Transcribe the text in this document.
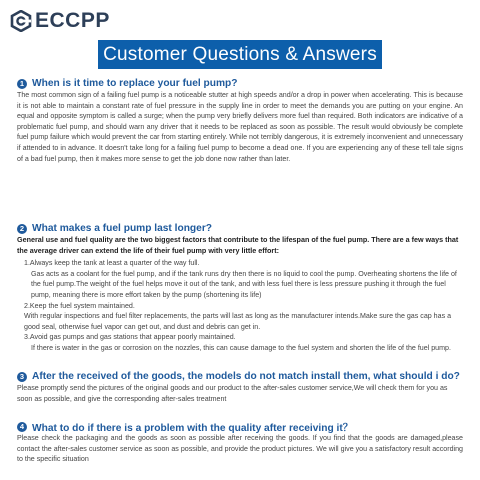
ECCPP
Customer Questions & Answers
1 When is it time to replace your fuel pump?

The most common sign of a failing fuel pump is a noticeable stutter at high speeds and/or a drop in power when accelerating. This is because it is not able to maintain a constant rate of fuel pressure in the supply line in order to meet the demands you are putting on your engine. An equal and opposite symptom is called a surge; when the pump very briefly delivers more fuel than required. Both indicators are indicative of a problematic fuel pump, and should warn any driver that it needs to be replaced as soon as possible. The result would obviously be complete fuel pump failure which would prevent the car from starting entirely. While not terribly dangerous, it is extremely inconvenient and unnecessary if attended to in advance. It doesn't take long for a failing fuel pump to become a dead one. If you are experiencing any of these tell tale signs of a bad fuel pump, then it makes more sense to get the job done now rather than later.

2 What makes a fuel pump last longer?

General use and fuel quality are the two biggest factors that contribute to the lifespan of the fuel pump. There are a few ways that the average driver can extend the life of their fuel pump with very little effort:

1.Always keep the tank at least a quarter of the way full.

Gas acts as a coolant for the fuel pump, and if the tank runs dry then there is no liquid to cool the pump. Overheating shortens the life of the fuel pump.The weight of the fuel helps move it out of the tank, and with less fuel there is less pressure pushing it through the fuel pump, meaning there is more effort taken by the pump (shortening its life)

2.Keep the fuel system maintained.

With regular inspections and fuel filter replacements, the parts will last as long as the manufacturer intends.Make sure the gas cap has a good seal, otherwise fuel vapor can get out, and dust and debris can get in.

3.Avoid gas pumps and gas stations that appear poorly maintained.

If there is water in the gas or corrosion on the nozzles, this can cause damage to the fuel system and shorten the life of the fuel pump.

3 After the received of the goods, the models do not match install them, what should i do?

Please promptly send the pictures of the original goods and our product to the after-sales customer service,We will check them for you as soon as possible, and give the corresponding after-sales treatment

4 What to do if there is a problem with the quality after receiving it？

Please check the packaging and the goods as soon as possible after receiving the goods. If you find that the goods are damaged,please contact the after-sales customer service as soon as possible, and provide the product pictures. We will give you a satisfactory result according to the specific situation
